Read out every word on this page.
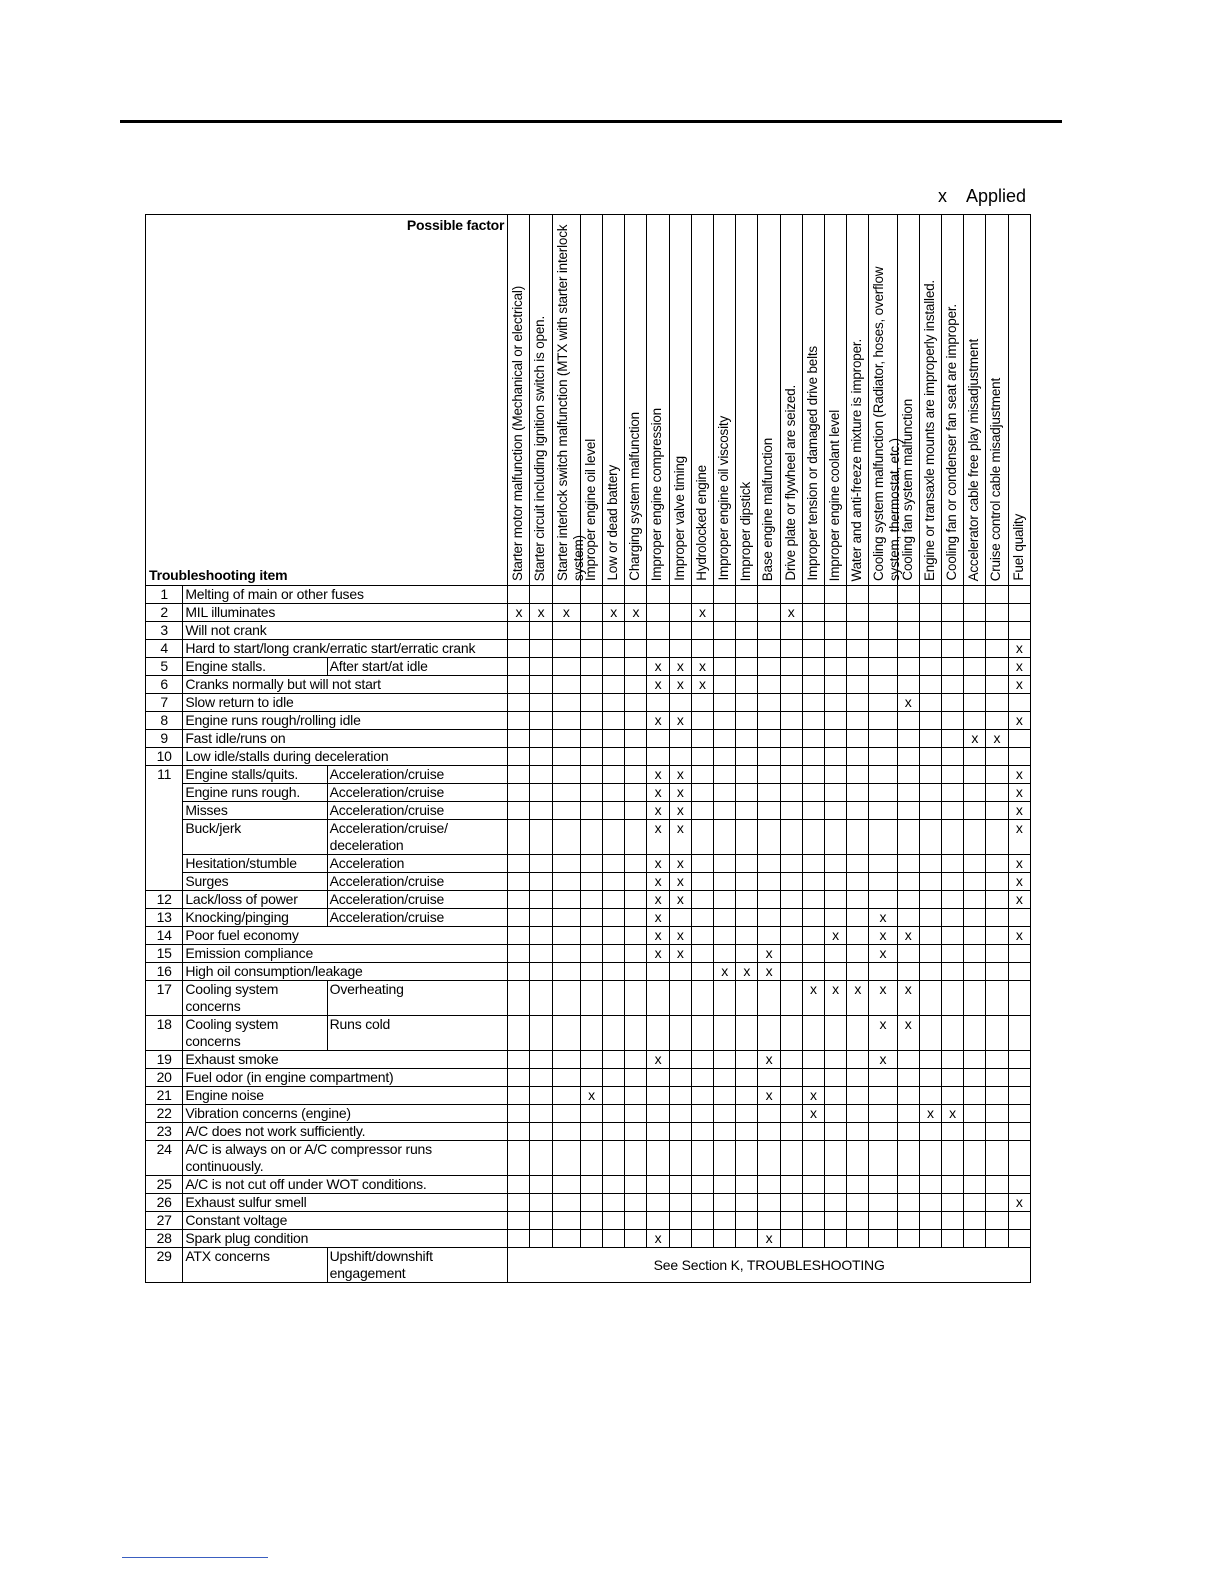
x Applied
Possible factor
Troubleshooting item			Starter motor malfunction (Mechanical or electrical)	Starter circuit including ignition switch is open.	Starter interlock switch malfunction (MTX with starter interlock system)	Improper engine oil level	Low or dead battery	Charging system malfunction	Improper engine compression	Improper valve timing	Hydrolocked engine	Improper engine oil viscosity	Improper dipstick	Base engine malfunction	Drive plate or flywheel are seized.	Improper tension or damaged drive belts	Improper engine coolant level	Water and anti-freeze mixture is improper.	Cooling system malfunction (Radiator, hoses, overflow system, thermostat, etc.)	Cooling fan system malfunction	Engine or transaxle mounts are improperly installed.	Cooling fan or condenser fan seat are improper.	Accelerator cable free play misadjustment	Cruise control cable misadjustment	Fuel quality

1	Melting of main or other fuses																								
2	MIL illuminates		x	x	x		x	x			x				x										
3	Will not crank																								
4	Hard to start/long crank/erratic start/erratic crank																								x
5	Engine stalls.	After start/at idle							x	x	x														x
6	Cranks normally but will not start								x	x	x														x
7	Slow return to idle																			x					
8	Engine runs rough/rolling idle								x	x															x
9	Fast idle/runs on																						x	x	
10	Low idle/stalls during deceleration																								
11	Engine stalls/quits.	Acceleration/cruise							x	x															x
	Engine runs rough.	Acceleration/cruise							x	x															x
	Misses	Acceleration/cruise							x	x															x
	Buck/jerk	Acceleration/cruise/ deceleration							x	x															x
	Hesitation/stumble	Acceleration							x	x															x
	Surges	Acceleration/cruise							x	x															x
12	Lack/loss of power	Acceleration/cruise							x	x															x
13	Knocking/pinging	Acceleration/cruise							x										x						
14	Poor fuel economy								x	x							x		x	x					x
15	Emission compliance								x	x				x					x						
16	High oil consumption/leakage											x	x	x											
17	Cooling system concerns	Overheating														x	x	x	x	x					
18	Cooling system concerns	Runs cold																	x	x					
19	Exhaust smoke								x					x					x						
20	Fuel odor (in engine compartment)																								
21	Engine noise					x								x		x									
22	Vibration concerns (engine)															x					x	x			
23	A/C does not work sufficiently.																								
24	A/C is always on or A/C compressor runs continuously.																								
25	A/C is not cut off under WOT conditions.																								
26	Exhaust sulfur smell																								x
27	Constant voltage																								
28	Spark plug condition								x					x											
29	ATX concerns	Upshift/downshift engagement	See Section K, TROUBLESHOOTING																						
